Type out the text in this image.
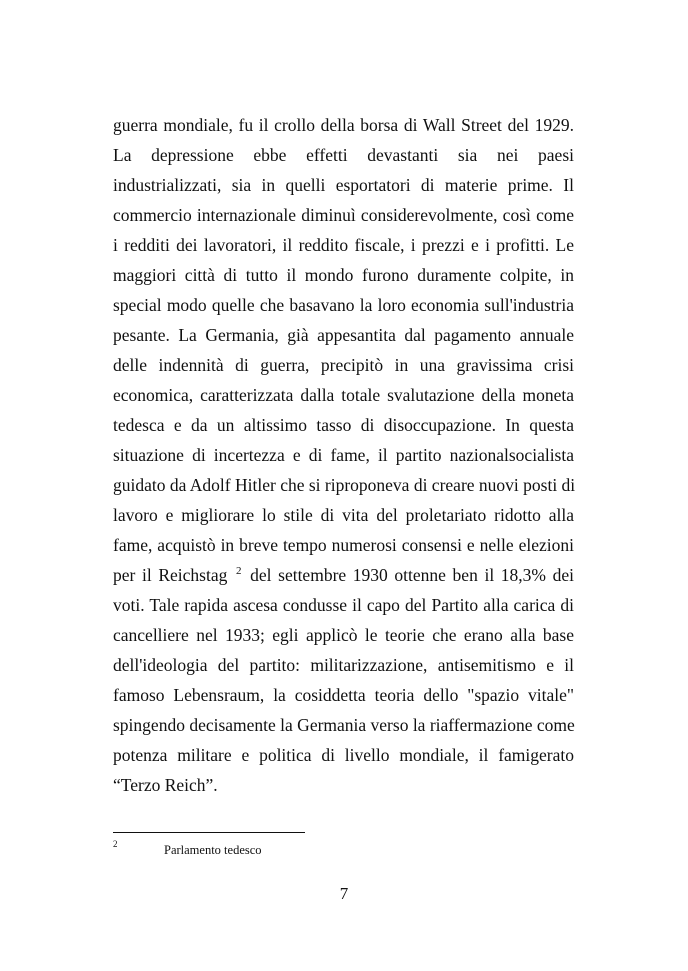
guerra mondiale, fu il crollo della borsa di Wall Street del 1929.
La depressione ebbe effetti devastanti sia nei paesi
industrializzati, sia in quelli esportatori di materie prime. Il
commercio internazionale diminuì considerevolmente, così come
i redditi dei lavoratori, il reddito fiscale, i prezzi e i profitti. Le
maggiori città di tutto il mondo furono duramente colpite, in
special modo quelle che basavano la loro economia sull'industria
pesante. La Germania, già appesantita dal pagamento annuale
delle indennità di guerra, precipitò in una gravissima crisi
economica, caratterizzata dalla totale svalutazione della moneta
tedesca e da un altissimo tasso di disoccupazione. In questa
situazione di incertezza e di fame, il partito nazionalsocialista
guidato da Adolf Hitler che si riproponeva di creare nuovi posti di
lavoro e migliorare lo stile di vita del proletariato ridotto alla
fame, acquistò in breve tempo numerosi consensi e nelle elezioni
per il Reichstag $^2$ del settembre 1930 ottenne ben il 18,3% dei
voti. Tale rapida ascesa condusse il capo del Partito alla carica di
cancelliere nel 1933; egli applicò le teorie che erano alla base
dell'ideologia del partito: militarizzazione, antisemitismo e il
famoso Lebensraum, la cosiddetta teoria dello "spazio vitale"
spingendo decisamente la Germania verso la riaffermazione come
potenza militare e politica di livello mondiale, il famigerato
“Terzo Reich”.
2	Parlamento tedesco
7
